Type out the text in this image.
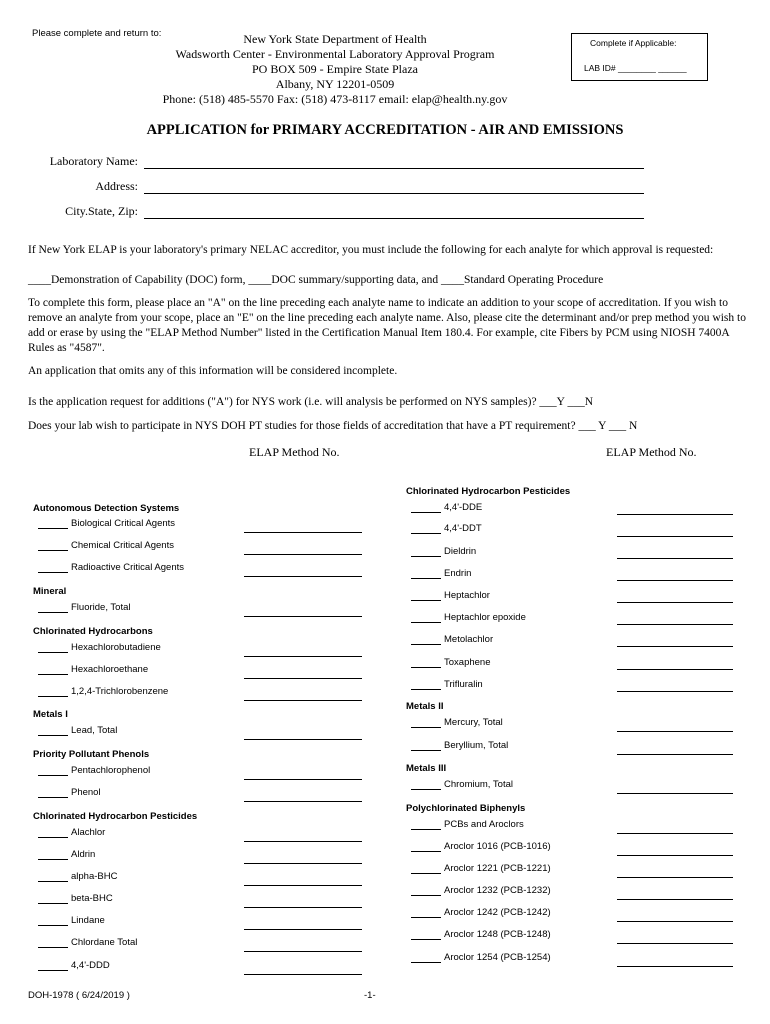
Please complete and return to:	New York State Department of Health
Wadsworth Center - Environmental Laboratory Approval Program
PO BOX 509 - Empire State Plaza
Albany, NY 12201-0509
Phone: (518) 485-5570 Fax: (518) 473-8117 email: elap@health.ny.gov
Complete if Applicable:
LAB ID# ________ ______
APPLICATION for PRIMARY ACCREDITATION - AIR AND EMISSIONS
Laboratory Name:
Address:
City.State, Zip:
If New York ELAP is your laboratory's primary NELAC accreditor, you must include the following for each analyte for which approval is requested:
____Demonstration of Capability (DOC) form, ____DOC summary/supporting data, and ____Standard Operating Procedure
To complete this form, please place an "A" on the line preceding each analyte name to indicate an addition to your scope of accreditation. If you wish to remove an analyte from your scope, place an "E" on the line preceding each analyte name. Also, please cite the determinant and/or prep method you wish to add or erase by using the "ELAP Method Number" listed in the Certification Manual Item 180.4. For example, cite Fibers by PCM using NIOSH 7400A Rules as "4587".
An application that omits any of this information will be considered incomplete.
Is the application request for additions ("A") for NYS work (i.e. will analysis be performed on NYS samples)? ___Y ___N
Does your lab wish to participate in NYS DOH PT studies for those fields of accreditation that have a PT requirement? ___ Y ___ N
ELAP Method No.	ELAP Method No.
Autonomous Detection Systems
Biological Critical Agents
Chemical Critical Agents
Radioactive Critical Agents
Mineral
Fluoride, Total
Chlorinated Hydrocarbons
Hexachlorobutadiene
Hexachloroethane
1,2,4-Trichlorobenzene
Metals I
Lead, Total
Priority Pollutant Phenols
Pentachlorophenol
Phenol
Chlorinated Hydrocarbon Pesticides
Alachlor
Aldrin
alpha-BHC
beta-BHC
Lindane
Chlordane Total
4,4'-DDD
Chlorinated Hydrocarbon Pesticides
4,4'-DDE
4,4'-DDT
Dieldrin
Endrin
Heptachlor
Heptachlor epoxide
Metolachlor
Toxaphene
Trifluralin
Metals II
Mercury, Total
Beryllium, Total
Metals III
Chromium, Total
Polychlorinated Biphenyls
PCBs and Aroclors
Aroclor 1016 (PCB-1016)
Aroclor 1221 (PCB-1221)
Aroclor 1232 (PCB-1232)
Aroclor 1242 (PCB-1242)
Aroclor 1248 (PCB-1248)
Aroclor 1254 (PCB-1254)
DOH-1978 ( 6/24/2019 )	-1-
